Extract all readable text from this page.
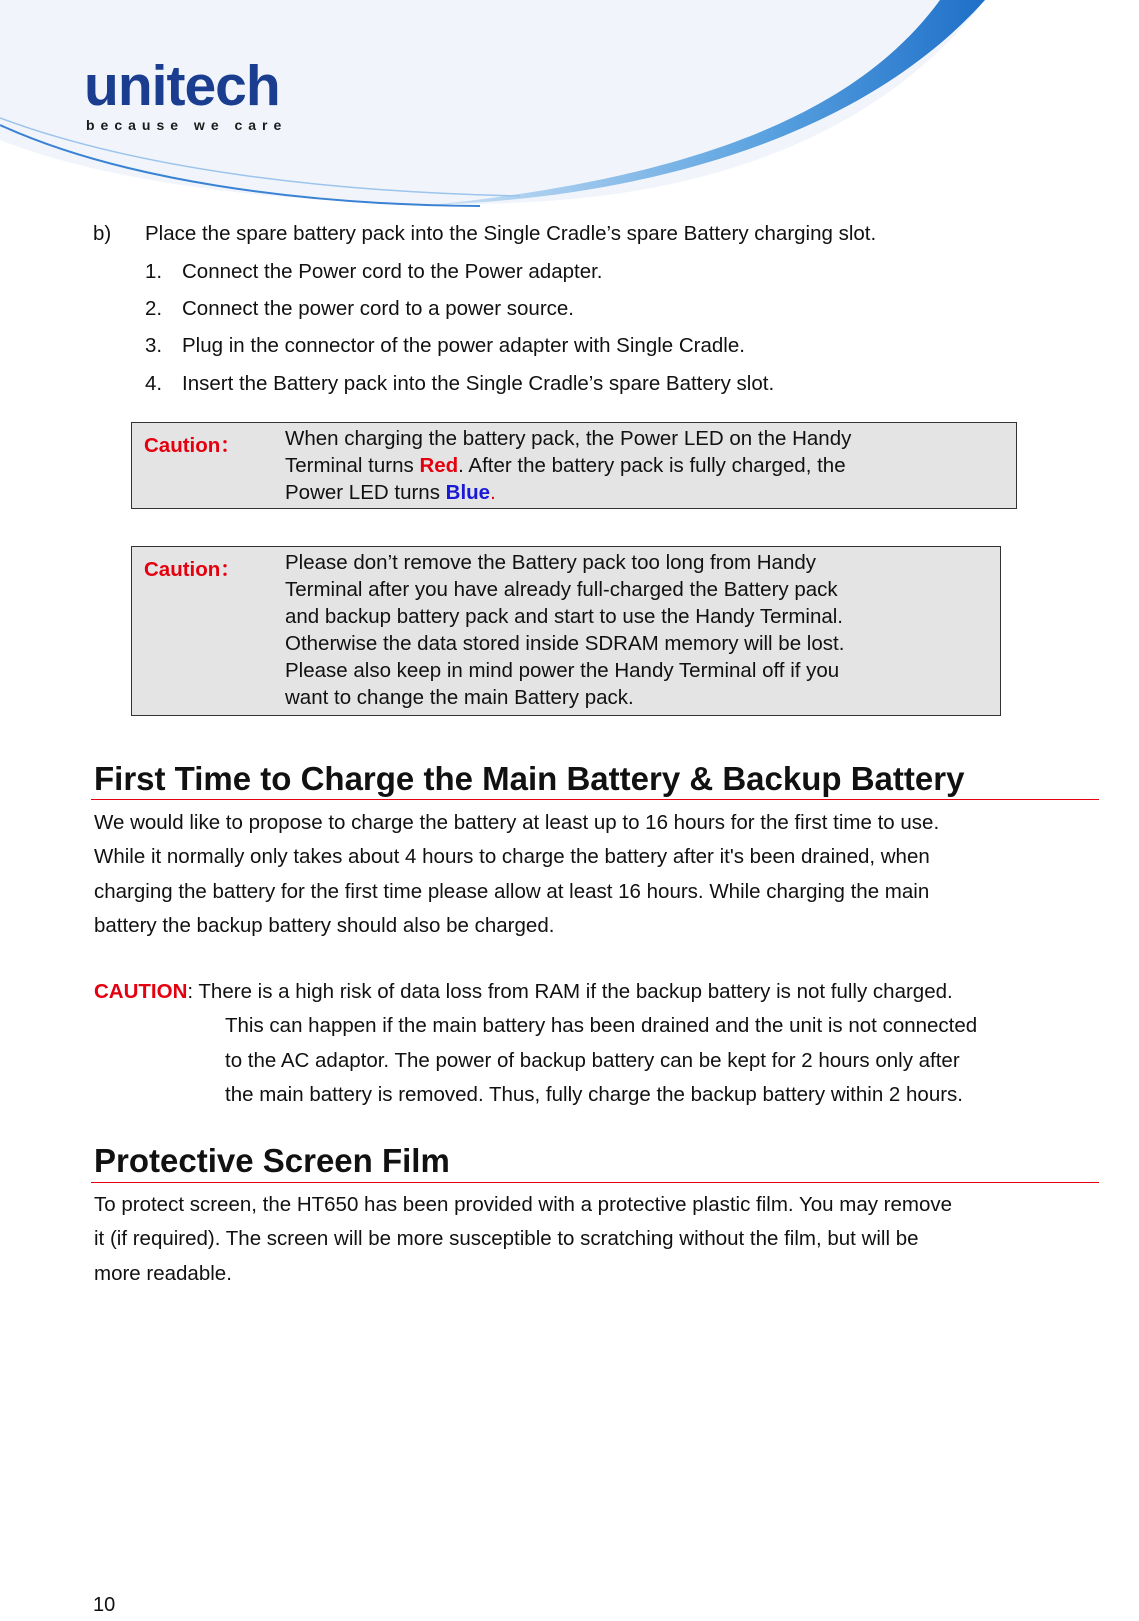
unitech
because we care
b) Place the spare battery pack into the Single Cradle’s spare Battery charging slot.
1. Connect the Power cord to the Power adapter.
2. Connect the power cord to a power source.
3. Plug in the connector of the power adapter with Single Cradle.
4. Insert the Battery pack into the Single Cradle’s spare Battery slot.
Caution： When charging the battery pack, the Power LED on the Handy
Terminal turns Red. After the battery pack is fully charged, the
Power LED turns Blue.
Caution： Please don’t remove the Battery pack too long from Handy
Terminal after you have already full-charged the Battery pack
and backup battery pack and start to use the Handy Terminal.
Otherwise the data stored inside SDRAM memory will be lost.
Please also keep in mind power the Handy Terminal off if you
want to change the main Battery pack.
First Time to Charge the Main Battery & Backup Battery
We would like to propose to charge the battery at least up to 16 hours for the first time to use.
While it normally only takes about 4 hours to charge the battery after it's been drained, when
charging the battery for the first time please allow at least 16 hours. While charging the main
battery the backup battery should also be charged.
CAUTION: There is a high risk of data loss from RAM if the backup battery is not fully charged.
This can happen if the main battery has been drained and the unit is not connected
to the AC adaptor. The power of backup battery can be kept for 2 hours only after
the main battery is removed. Thus, fully charge the backup battery within 2 hours.
Protective Screen Film
To protect screen, the HT650 has been provided with a protective plastic film. You may remove
it (if required). The screen will be more susceptible to scratching without the film, but will be
more readable.
10
